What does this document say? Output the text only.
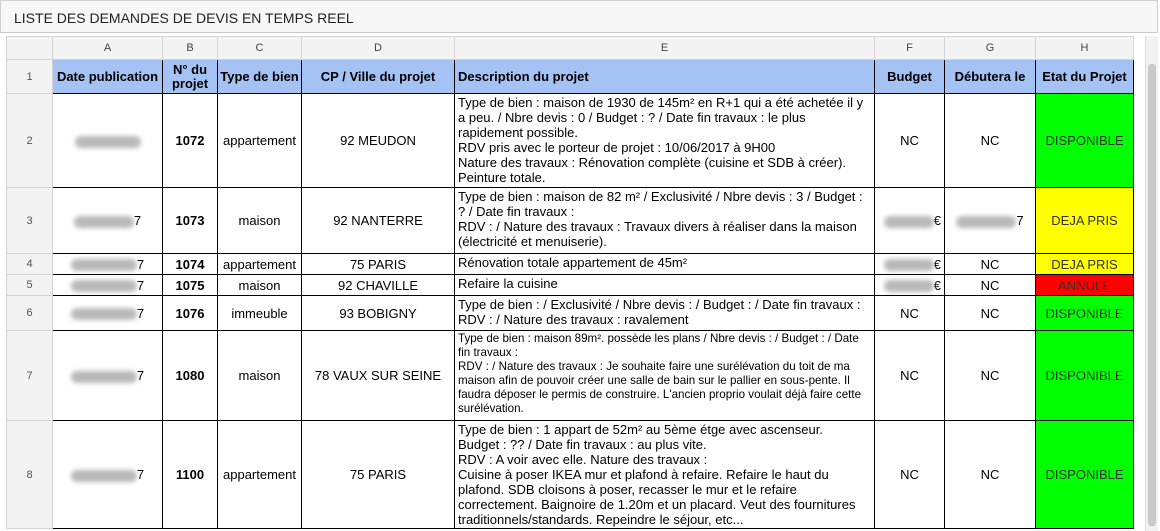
LISTE DES DEMANDES DE DEVIS EN TEMPS REEL
	A	B	C	D	E	F	G	H
1	Date publication	N° du projet	Type de bien	CP / Ville du projet	Description du projet	Budget	Débutera le	Etat du Projet
2		1072	appartement	92 MEUDON	Type de bien : maison de 1930 de 145m² en R+1 qui a été achetée il y a peu. / Nbre devis : 0 / Budget : ? / Date fin travaux : le plus rapidement possible.
RDV pris avec le porteur de projet : 10/06/2017 à 9H00
Nature des travaux : Rénovation complète (cuisine et SDB à créer). Peinture totale.	NC	NC	DISPONIBLE
3	7	1073	maison	92 NANTERRE	Type de bien : maison de 82 m² / Exclusivité / Nbre devis : 3 / Budget : ? / Date fin travaux :
RDV : / Nature des travaux : Travaux divers à réaliser dans la maison (électricité et menuiserie).	€	7	DEJA PRIS
4	7	1074	appartement	75 PARIS	Rénovation totale appartement de 45m²	€	NC	DEJA PRIS
5	7	1075	maison	92 CHAVILLE	Refaire la cuisine	€	NC	ANNULE
6	7	1076	immeuble	93 BOBIGNY	Type de bien : / Exclusivité / Nbre devis : / Budget : / Date fin travaux :
RDV : / Nature des travaux : ravalement	NC	NC	DISPONIBLE
7	7	1080	maison	78 VAUX SUR SEINE	Type de bien : maison 89m². possède les plans / Nbre devis : / Budget : / Date fin travaux :
RDV : / Nature des travaux : Je souhaite faire une surélévation du toit de ma maison afin de pouvoir créer une salle de bain sur le pallier en sous-pente. Il faudra déposer le permis de construire. L'ancien proprio voulait déjà faire cette surélévation.	NC	NC	DISPONIBLE
8	7	1100	appartement	75 PARIS	Type de bien : 1 appart de 52m² au 5ème étge avec ascenseur.
Budget : ?? / Date fin travaux : au plus vite.
RDV : A voir avec elle. Nature des travaux :
Cuisine à poser IKEA mur et plafond à refaire. Refaire le haut du plafond. SDB cloisons à poser, recasser le mur et le refaire correctement. Baignoire de 1.20m et un placard. Veut des fournitures traditionnels/standards. Repeindre le séjour, etc...	NC	NC	DISPONIBLE
